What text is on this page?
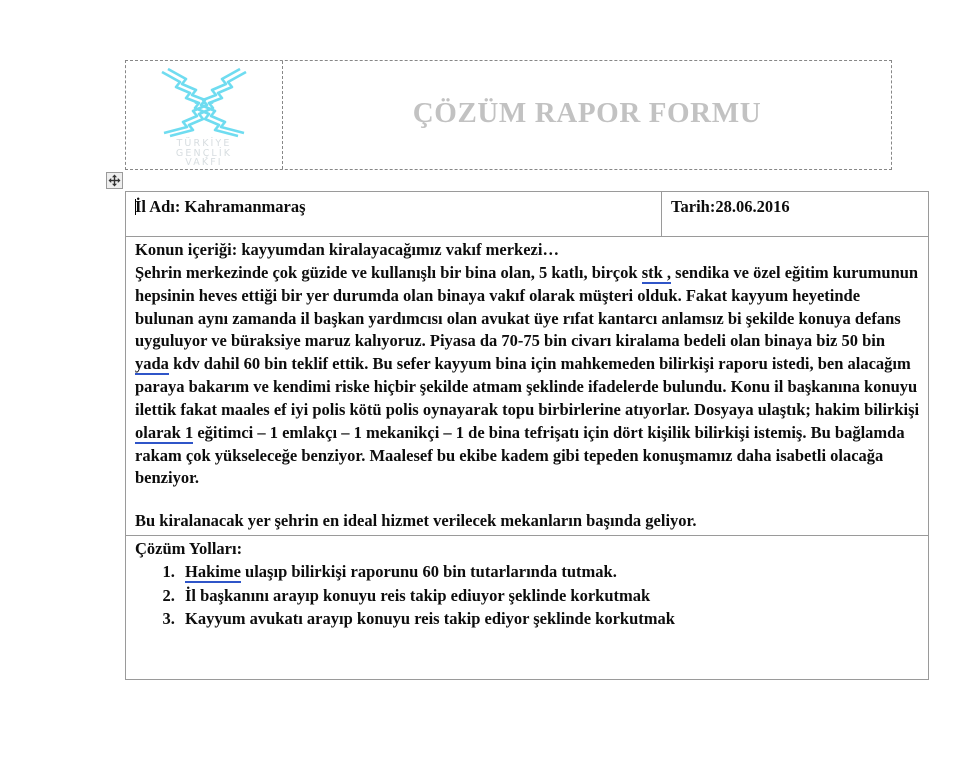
TÜRKİYE
GENÇLİK
VAKFI
ÇÖZÜM RAPOR FORMU
İl Adı: Kahramanmaraş	Tarih:28.06.2016

Konun içeriği: kayyumdan kiralayacağımız vakıf merkezi…

Şehrin merkezinde çok güzide ve kullanışlı bir bina olan, 5 katlı, birçok stk , sendika ve özel eğitim kurumunun hepsinin heves ettiği bir yer durumda olan binaya vakıf olarak müşteri olduk. Fakat kayyum heyetinde bulunan aynı zamanda il başkan yardımcısı olan avukat üye rıfat kantarcı anlamsız bi şekilde konuya defans uyguluyor ve büraksiye maruz kalıyoruz. Piyasa da 70-75 bin civarı kiralama bedeli olan binaya biz 50 bin yada kdv dahil 60 bin teklif ettik. Bu sefer kayyum bina için mahkemeden bilirkişi raporu istedi, ben alacağım paraya bakarım ve kendimi riske hiçbir şekilde atmam şeklinde ifadelerde bulundu. Konu il başkanına konuyu ilettik fakat maales ef iyi polis kötü polis oynayarak topu birbirlerine atıyorlar. Dosyaya ulaştık; hakim bilirkişi olarak 1 eğitimci – 1 emlakçı – 1 mekanikçi – 1 de bina tefrişatı için dört kişilik bilirkişi istemiş. Bu bağlamda rakam çok yükseleceğe benziyor. Maalesef bu ekibe kadem gibi tepeden konuşmamız daha isabetli olacağa benziyor.

Bu kiralanacak yer şehrin en ideal hizmet verilecek mekanların başında geliyor.

Çözüm Yolları:

1. Hakime ulaşıp bilirkişi raporunu 60 bin tutarlarında tutmak.
2. İl başkanını arayıp konuyu reis takip ediuyor şeklinde korkutmak
3. Kayyum avukatı arayıp konuyu reis takip ediyor şeklinde korkutmak
